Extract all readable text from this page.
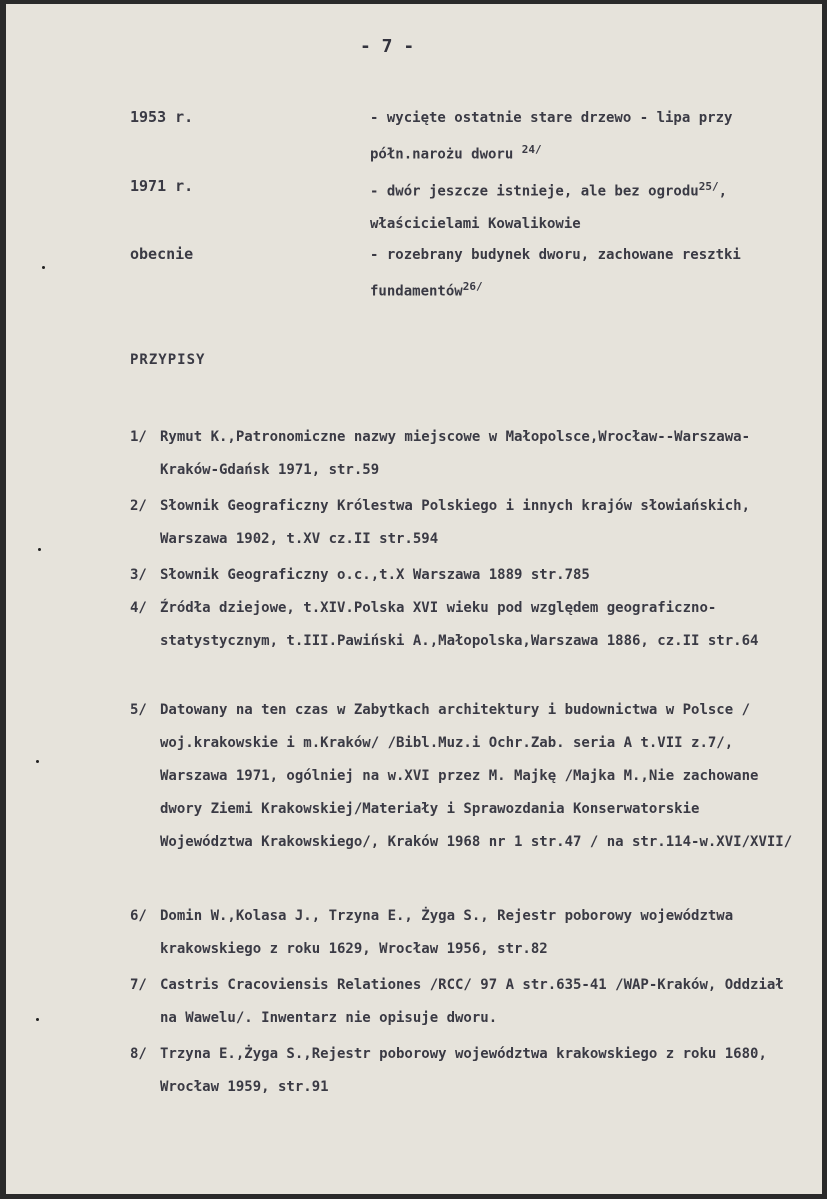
- 7 -
1953 r.	- wycięte ostatnie stare drzewo - lipa przy półn.narożu dworu $^{24/}$
1971 r.	- dwór jeszcze istnieje, ale bez ogrodu$^{25/}$, właścicielami Kowalikowie
obecnie	- rozebrany budynek dworu, zachowane resztki fundamentów$^{26/}$
PRZYPISY
1/ Rymut K.,Patronomiczne nazwy miejscowe w Małopolsce,Wrocław--Warszawa-Kraków-Gdańsk 1971, str.59
2/ Słownik Geograficzny Królestwa Polskiego i innych krajów słowiańskich, Warszawa 1902, t.XV cz.II str.594
3/ Słownik Geograficzny o.c.,t.X Warszawa 1889 str.785
4/ Źródła dziejowe, t.XIV.Polska XVI wieku pod względem geograficzno-statystycznym, t.III.Pawiński A.,Małopolska,Warszawa 1886, cz.II str.64
5/ Datowany na ten czas w Zabytkach architektury i budownictwa w Polsce / woj.krakowskie i m.Kraków/ /Bibl.Muz.i Ochr.Zab. seria A t.VII z.7/, Warszawa 1971, ogólniej na w.XVI przez M. Majkę /Majka M.,Nie zachowane dwory Ziemi Krakowskiej/Materiały i Sprawozdania Konserwatorskie Województwa Krakowskiego/, Kraków 1968 nr 1 str.47 / na str.114-w.XVI/XVII/
6/ Domin W.,Kolasa J., Trzyna E., Żyga S., Rejestr poborowy województwa krakowskiego z roku 1629, Wrocław 1956, str.82
7/ Castris Cracoviensis Relationes /RCC/ 97 A str.635-41 /WAP-Kraków, Oddział na Wawelu/. Inwentarz nie opisuje dworu.
8/ Trzyna E.,Żyga S.,Rejestr poborowy województwa krakowskiego z roku 1680, Wrocław 1959, str.91
